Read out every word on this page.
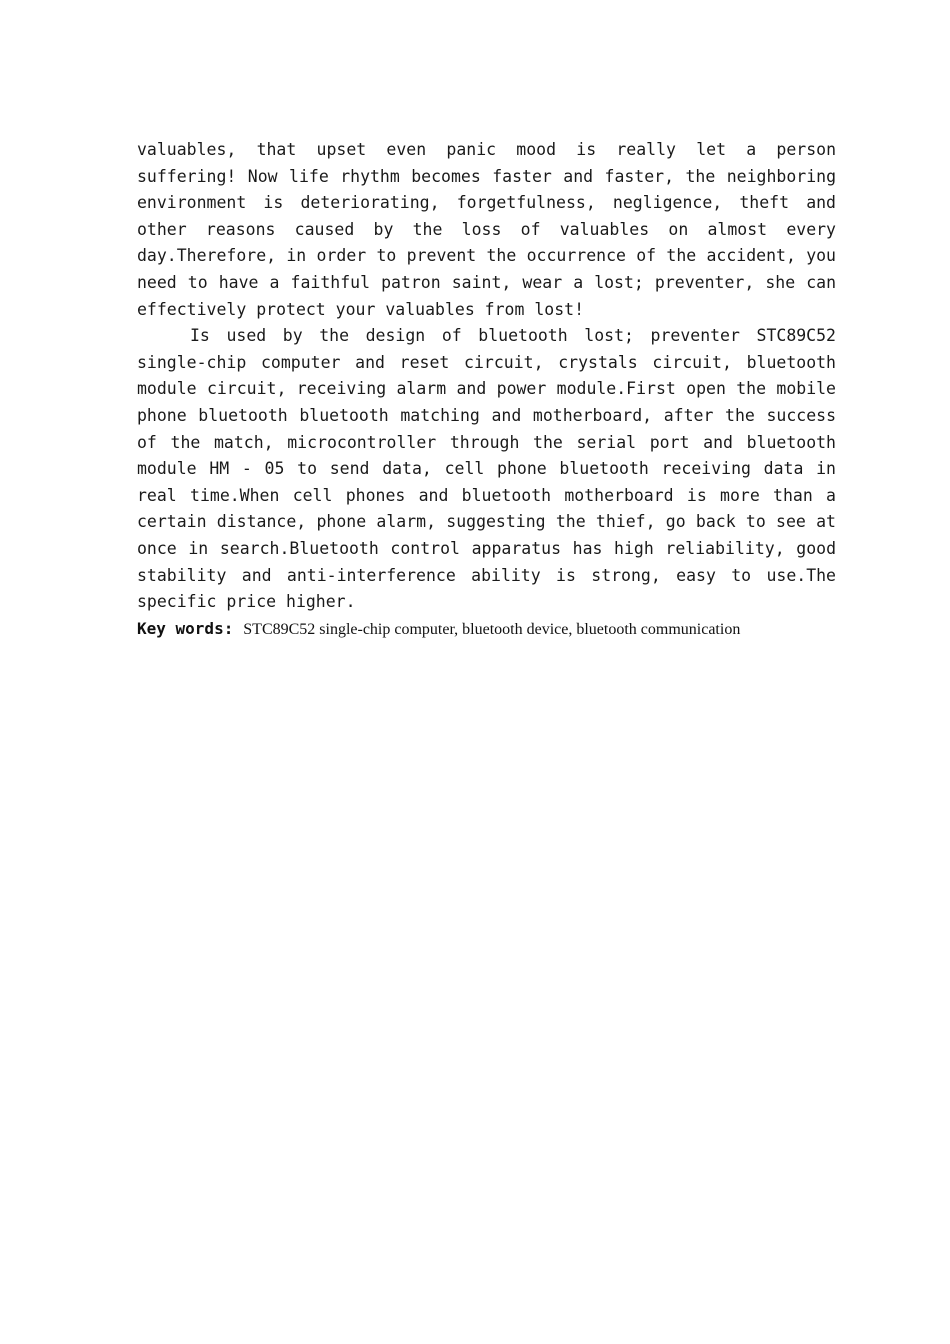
valuables, that upset even panic mood is really let a person suffering! Now life rhythm becomes faster and faster, the neighboring environment is deteriorating, forgetfulness, negligence, theft and other reasons caused by the loss of valuables on almost every day.Therefore, in order to prevent the occurrence of the accident, you need to have a faithful patron saint, wear a lost; preventer, she can effectively protect your valuables from lost!

Is used by the design of bluetooth lost; preventer STC89C52 single-chip computer and reset circuit, crystals circuit, bluetooth module circuit, receiving alarm and power module.First open the mobile phone bluetooth bluetooth matching and motherboard, after the success of the match, microcontroller through the serial port and bluetooth module HM - 05 to send data, cell phone bluetooth receiving data in real time.When cell phones and bluetooth motherboard is more than a certain distance, phone alarm, suggesting the thief, go back to see at once in search.Bluetooth control apparatus has high reliability, good stability and anti-interference ability is strong, easy to use.The specific price higher.

Key words: STC89C52 single-chip computer, bluetooth device, bluetooth communication
